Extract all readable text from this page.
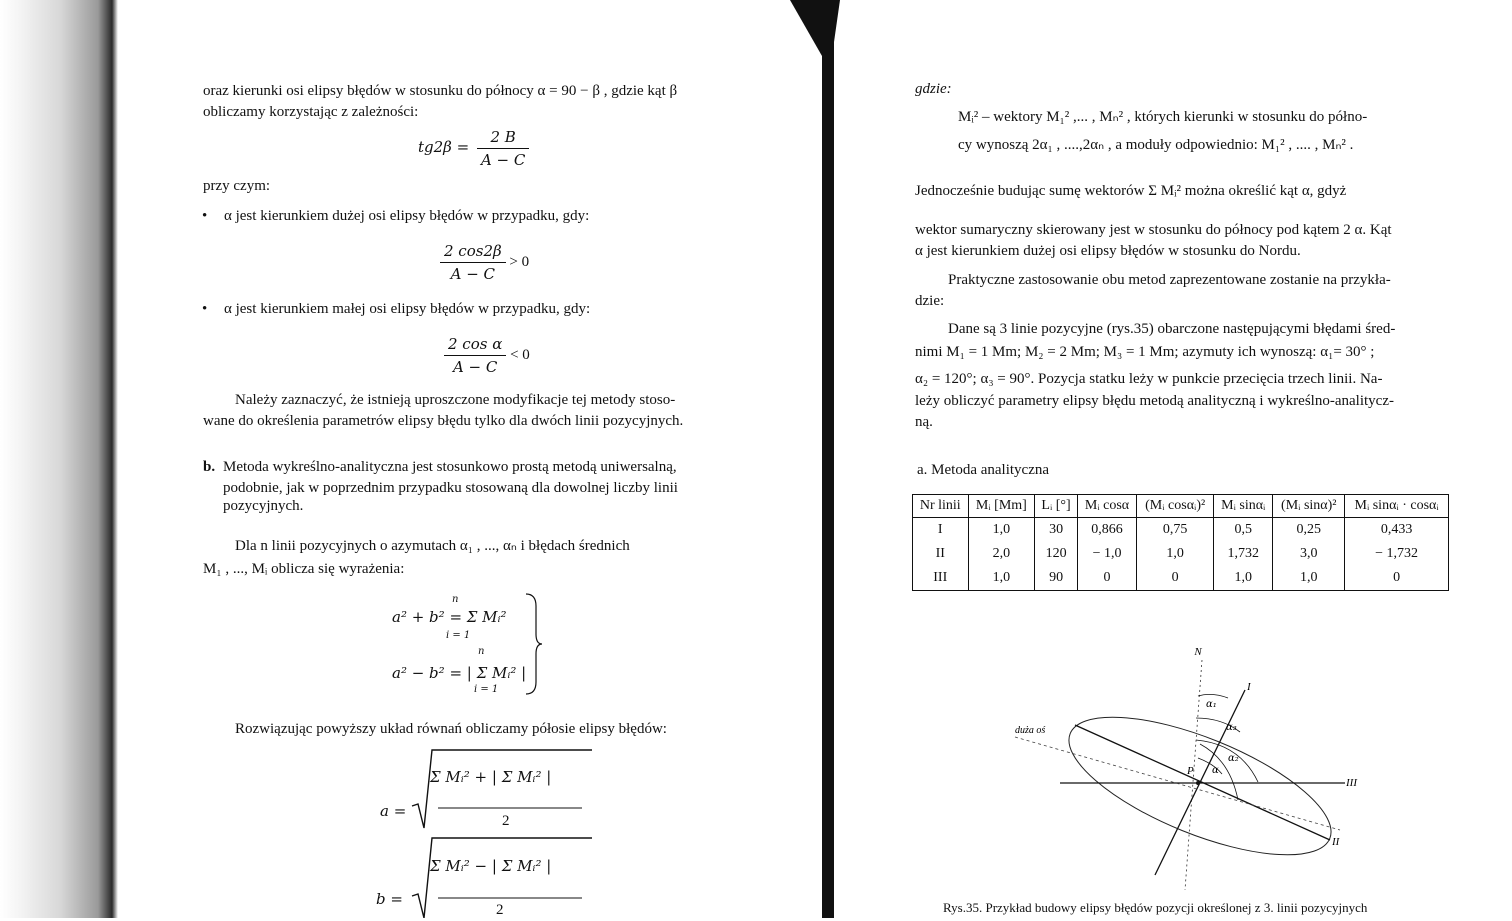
oraz kierunki osi elipsy błędów w stosunku do północy α = 90 − β , gdzie kąt β
obliczamy korzystając z zależności:
$tg2\beta = \frac{2 B}{A - C}$
przy czym:
• α jest kierunkiem dużej osi elipsy błędów w przypadku, gdy:
$\frac{2 \cos 2\beta}{A - C} > 0$
• α jest kierunkiem małej osi elipsy błędów w przypadku, gdy:
$\frac{\text{2 cos α}}{A - C} < 0$
Należy zaznaczyć, że istnieją uproszczone modyfikacje tej metody stoso-
wane do określenia parametrów elipsy błędu tylko dla dwóch linii pozycyjnych.
b. Metoda wykreślno-analityczna jest stosunkowo prostą metodą uniwersalną,
podobnie, jak w poprzednim przypadku stosowaną dla dowolnej liczby linii
pozycyjnych.
Dla n linii pozycyjnych o azymutach α₁ , ..., αₙ i błędach średnich
M₁ , ..., Mᵢ oblicza się wyrażenia:
n
a² + b² = Σ Mᵢ²
i = 1
n
a² − b² = | Σ Mᵢ² |
i = 1
Rozwiązując powyższy układ równań obliczamy półosie elipsy błędów:
a =
Σ Mᵢ² + | Σ Mᵢ² |
2
b =
Σ Mᵢ² − | Σ Mᵢ² |
2
gdzie:
Mᵢ² – wektory M₁² ,... , Mₙ² , których kierunki w stosunku do półno-
cy wynoszą 2α₁ , ....,2αₙ , a moduły odpowiednio: M₁² , .... , Mₙ² .
Jednocześnie budując sumę wektorów Σ Mᵢ² można określić kąt α, gdyż
wektor sumaryczny skierowany jest w stosunku do północy pod kątem 2 α. Kąt
α jest kierunkiem dużej osi elipsy błędów w stosunku do Nordu.
Praktyczne zastosowanie obu metod zaprezentowane zostanie na przykła-
dzie:
Dane są 3 linie pozycyjne (rys.35) obarczone następującymi błędami śred-
nimi M₁ = 1 Mm; M₂ = 2 Mm; M₃ = 1 Mm; azymuty ich wynoszą: α₁= 30° ;
α₂ = 120°; α₃ = 90°. Pozycja statku leży w punkcie przecięcia trzech linii. Na-
leży obliczyć parametry elipsy błędu metodą analityczną i wykreślno-analitycz-
ną.
a. Metoda analityczna
Nr linii	Mᵢ [Mm]	Lᵢ [°]	Mᵢ cosα	(Mᵢ cosαᵢ)²	Mᵢ sinαᵢ	(Mᵢ sinα)²	Mᵢ sinαᵢ · cosαᵢ
I	1,0	30	0,866	0,75	0,5	0,25	0,433
II	2,0	120	− 1,0	1,0	1,732	3,0	− 1,732
III	1,0	90	0	0	1,0	1,0	0
N
I
II
III
P
duża oś
α
α₁
α₂
α₃
Rys.35. Przykład budowy elipsy błędów pozycji określonej z 3. linii pozycyjnych
